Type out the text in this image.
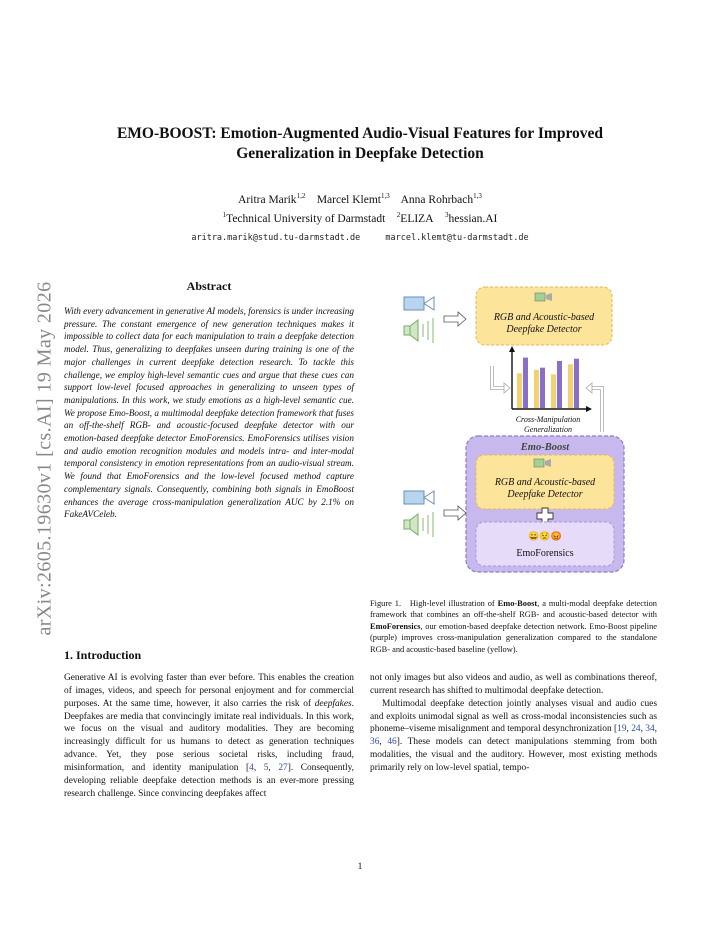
arXiv:2605.19630v1 [cs.AI] 19 May 2026
EMO-BOOST: Emotion-Augmented Audio-Visual Features for Improved
Generalization in Deepfake Detection
Aritra Marik$^{1,2}$ Marcel Klemt$^{1,3}$ Anna Rohrbach$^{1,3}$
$^1$Technical University of Darmstadt $^2$ELIZA $^3$hessian.AI
aritra.marik@stud.tu-darmstadt.de	marcel.klemt@tu-darmstadt.de
Abstract
With every advancement in generative AI models, forensics is under increasing pressure. The constant emergence of new generation techniques makes it impossible to collect data for each manipulation to train a deepfake detection model. Thus, generalizing to deepfakes unseen during training is one of the major challenges in current deepfake detection research. To tackle this challenge, we employ high-level semantic cues and argue that these cues can support low-level focused approaches in generalizing to unseen types of manipulations. In this work, we study emotions as a high-level semantic cue. We propose Emo-Boost, a multimodal deepfake detection framework that fuses an off-the-shelf RGB- and acoustic-focused deepfake detector with our emotion-based deepfake detector EmoForensics. EmoForensics utilises vision and audio emotion recognition modules and models intra- and inter-modal temporal consistency in emotion representations from an audio-visual stream. We found that EmoForensics and the low-level focused method capture complementary signals. Consequently, combining both signals in EmoBoost enhances the average cross-manipulation generalization AUC by 2.1% on FakeAVCeleb.
1. Introduction
Generative AI is evolving faster than ever before. This enables the creation of images, videos, and speech for personal enjoyment and for commercial purposes. At the same time, however, it also carries the risk of deepfakes. Deepfakes are media that convincingly imitate real individuals. In this work, we focus on the visual and auditory modalities. They are becoming increasingly difficult for us humans to detect as generation techniques advance. Yet, they pose serious societal risks, including fraud, misinformation, and identity manipulation [4, 5, 27]. Consequently, developing reliable deepfake detection methods is an ever-more pressing research challenge. Since convincing deepfakes affect
not only images but also videos and audio, as well as combinations thereof, current research has shifted to multimodal deepfake detection.
Multimodal deepfake detection jointly analyses visual and audio cues and exploits unimodal signal as well as cross-modal inconsistencies such as phoneme–viseme misalignment and temporal desynchronization [19, 24, 34, 36, 46]. These models can detect manipulations stemming from both modalities, the visual and the auditory. However, most existing methods primarily rely on low-level spatial, tempo-
RGB and Acoustic-based
Deepfake Detector
Cross-Manipulation
Generalization
Emo-Boost
RGB and Acoustic-based
Deepfake Detector
😀😟😡
EmoForensics
Figure 1. High-level illustration of Emo-Boost, a multi-modal deepfake detection framework that combines an off-the-shelf RGB- and acoustic-based detector with EmoForensics, our emotion-based deepfake detection network. Emo-Boost pipeline (purple) improves cross-manipulation generalization compared to the standalone RGB- and acoustic-based baseline (yellow).
1
